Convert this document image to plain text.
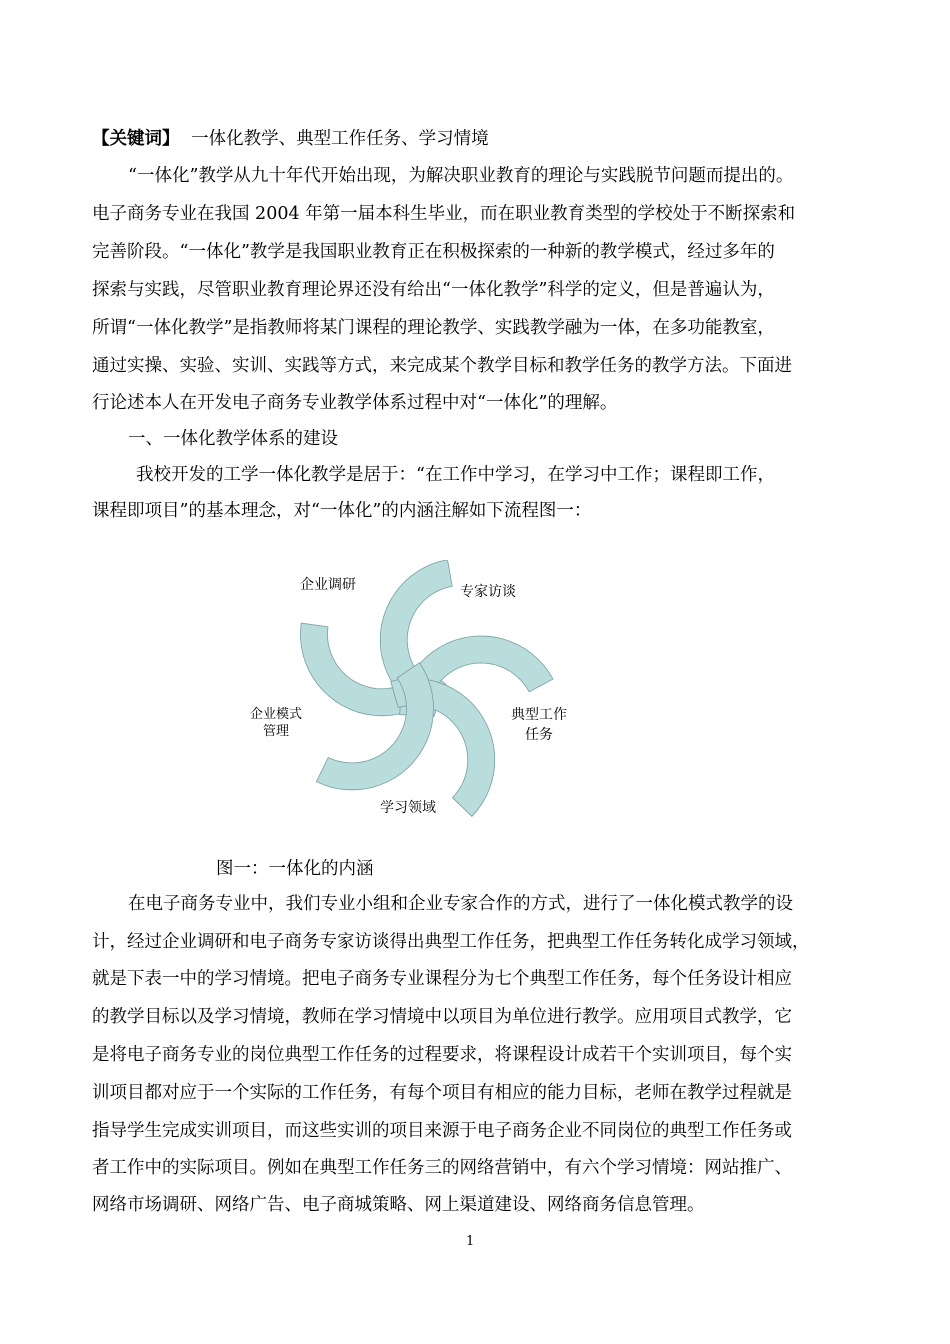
【关键词】 一体化教学、典型工作任务、学习情境
“一体化”教学从九十年代开始出现，为解决职业教育的理论与实践脱节问题而提出的。
电子商务专业在我国 2004 年第一届本科生毕业，而在职业教育类型的学校处于不断探索和
完善阶段。“一体化”教学是我国职业教育正在积极探索的一种新的教学模式，经过多年的
探索与实践，尽管职业教育理论界还没有给出“一体化教学”科学的定义，但是普遍认为，
所谓“一体化教学”是指教师将某门课程的理论教学、实践教学融为一体，在多功能教室，
通过实操、实验、实训、实践等方式，来完成某个教学目标和教学任务的教学方法。下面进
行论述本人在开发电子商务专业教学体系过程中对“一体化”的理解。
一、一体化教学体系的建设
我校开发的工学一体化教学是居于：“在工作中学习，在学习中工作；课程即工作，
课程即项目”的基本理念，对“一体化”的内涵注解如下流程图一：
企业调研	专家访谈
典型工作
任务
学习领域
企业模式
管理
图一：一体化的内涵
在电子商务专业中，我们专业小组和企业专家合作的方式，进行了一体化模式教学的设
计，经过企业调研和电子商务专家访谈得出典型工作任务，把典型工作任务转化成学习领域，
就是下表一中的学习情境。把电子商务专业课程分为七个典型工作任务，每个任务设计相应
的教学目标以及学习情境，教师在学习情境中以项目为单位进行教学。应用项目式教学，它
是将电子商务专业的岗位典型工作任务的过程要求，将课程设计成若干个实训项目，每个实
训项目都对应于一个实际的工作任务，有每个项目有相应的能力目标，老师在教学过程就是
指导学生完成实训项目，而这些实训的项目来源于电子商务企业不同岗位的典型工作任务或
者工作中的实际项目。例如在典型工作任务三的网络营销中，有六个学习情境：网站推广、
网络市场调研、网络广告、电子商城策略、网上渠道建设、网络商务信息管理。
1
